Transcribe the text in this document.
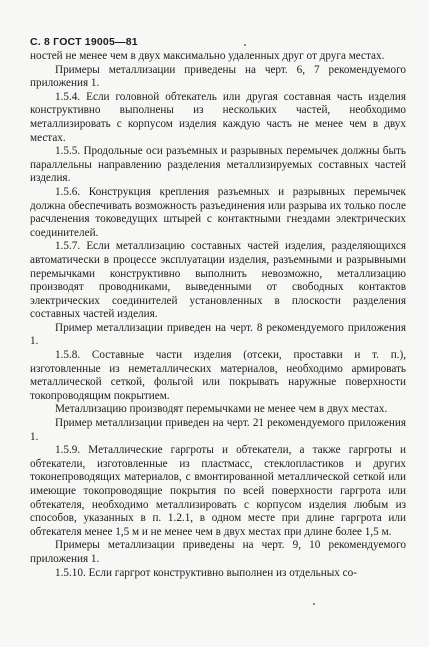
С. 8 ГОСТ 19005—81

ностей не менее чем в двух максимально удаленных друг от друга местах.

Примеры металлизации приведены на черт. 6, 7 рекомендуемого приложения 1.

1.5.4. Если головной обтекатель или другая составная часть изделия конструктивно выполнены из нескольких частей, необходимо металлизировать с корпусом изделия каждую часть не менее чем в двух местах.

1.5.5. Продольные оси разъемных и разрывных перемычек должны быть параллельны направлению разделения металлизируемых составных частей изделия.

1.5.6. Конструкция крепления разъемных и разрывных перемычек должна обеспечивать возможность разъединения или разрыва их только после расчленения токоведущих штырей с контактными гнездами электрических соединителей.

1.5.7. Если металлизацию составных частей изделия, разделяющихся автоматически в процессе эксплуатации изделия, разъемными и разрывными перемычками конструктивно выполнить невозможно, металлизацию производят проводниками, выведенными от свободных контактов электрических соединителей установленных в плоскости разделения составных частей изделия.

Пример металлизации приведен на черт. 8 рекомендуемого приложения 1.

1.5.8. Составные части изделия (отсеки, проставки и т. п.), изготовленные из неметаллических материалов, необходимо армировать металлической сеткой, фольгой или покрывать наружные поверхности токопроводящим покрытием.

Металлизацию производят перемычками не менее чем в двух местах.

Пример металлизации приведен на черт. 21 рекомендуемого приложения 1.

1.5.9. Металлические гаргроты и обтекатели, а также гаргроты и обтекатели, изготовленные из пластмасс, стеклопластиков и других токонепроводящих материалов, с вмонтированной металлической сеткой или имеющие токопроводящие покрытия по всей поверхности гаргрота или обтекателя, необходимо металлизировать с корпусом изделия любым из способов, указанных в п. 1.2.1, в одном месте при длине гаргрота или обтекателя менее 1,5 м и не менее чем в двух местах при длине более 1,5 м.

Примеры металлизации приведены на черт. 9, 10 рекомендуемого приложения 1.

1.5.10. Если гаргрот конструктивно выполнен из отдельных со-
